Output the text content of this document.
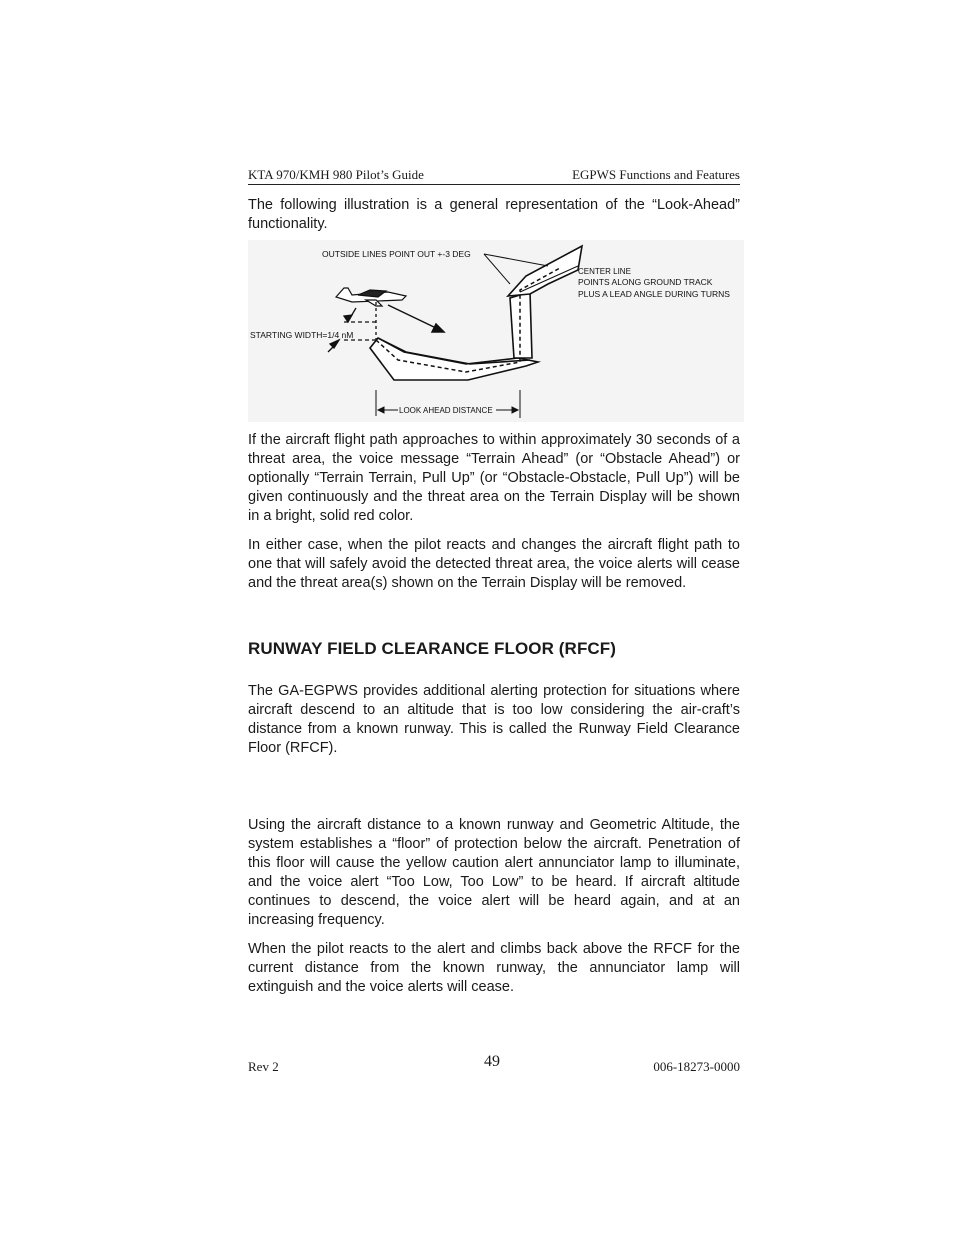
KTA 970/KMH 980 Pilot’s Guide	EGPWS Functions and Features

The following illustration is a general representation of the “Look-Ahead” functionality.

OUTSIDE LINES POINT OUT +-3 DEG
CENTER LINE
POINTS ALONG GROUND TRACK
PLUS A LEAD ANGLE DURING TURNS
STARTING WIDTH=1/4 nM
LOOK AHEAD DISTANCE

If the aircraft flight path approaches to within approximately 30 seconds of a threat area, the voice message “Terrain Ahead” (or “Obstacle Ahead”) or optionally “Terrain Terrain, Pull Up” (or “Obstacle-Obstacle, Pull Up”) will be given continuously and the threat area on the Terrain Display will be shown in a bright, solid red color.

In either case, when the pilot reacts and changes the aircraft flight path to one that will safely avoid the detected threat area, the voice alerts will cease and the threat area(s) shown on the Terrain Display will be removed.

RUNWAY FIELD CLEARANCE FLOOR (RFCF)

The GA-EGPWS provides additional alerting protection for situations where aircraft descend to an altitude that is too low considering the air-craft’s distance from a known runway. This is called the Runway Field Clearance Floor (RFCF).

Using the aircraft distance to a known runway and Geometric Altitude, the system establishes a “floor” of protection below the aircraft. Penetration of this floor will cause the yellow caution alert annunciator lamp to illuminate, and the voice alert “Too Low, Too Low” to be heard. If aircraft altitude continues to descend, the voice alert will be heard again, and at an increasing frequency.

When the pilot reacts to the alert and climbs back above the RFCF for the current distance from the known runway, the annunciator lamp will extinguish and the voice alerts will cease.

Rev 2	49	006-18273-0000
